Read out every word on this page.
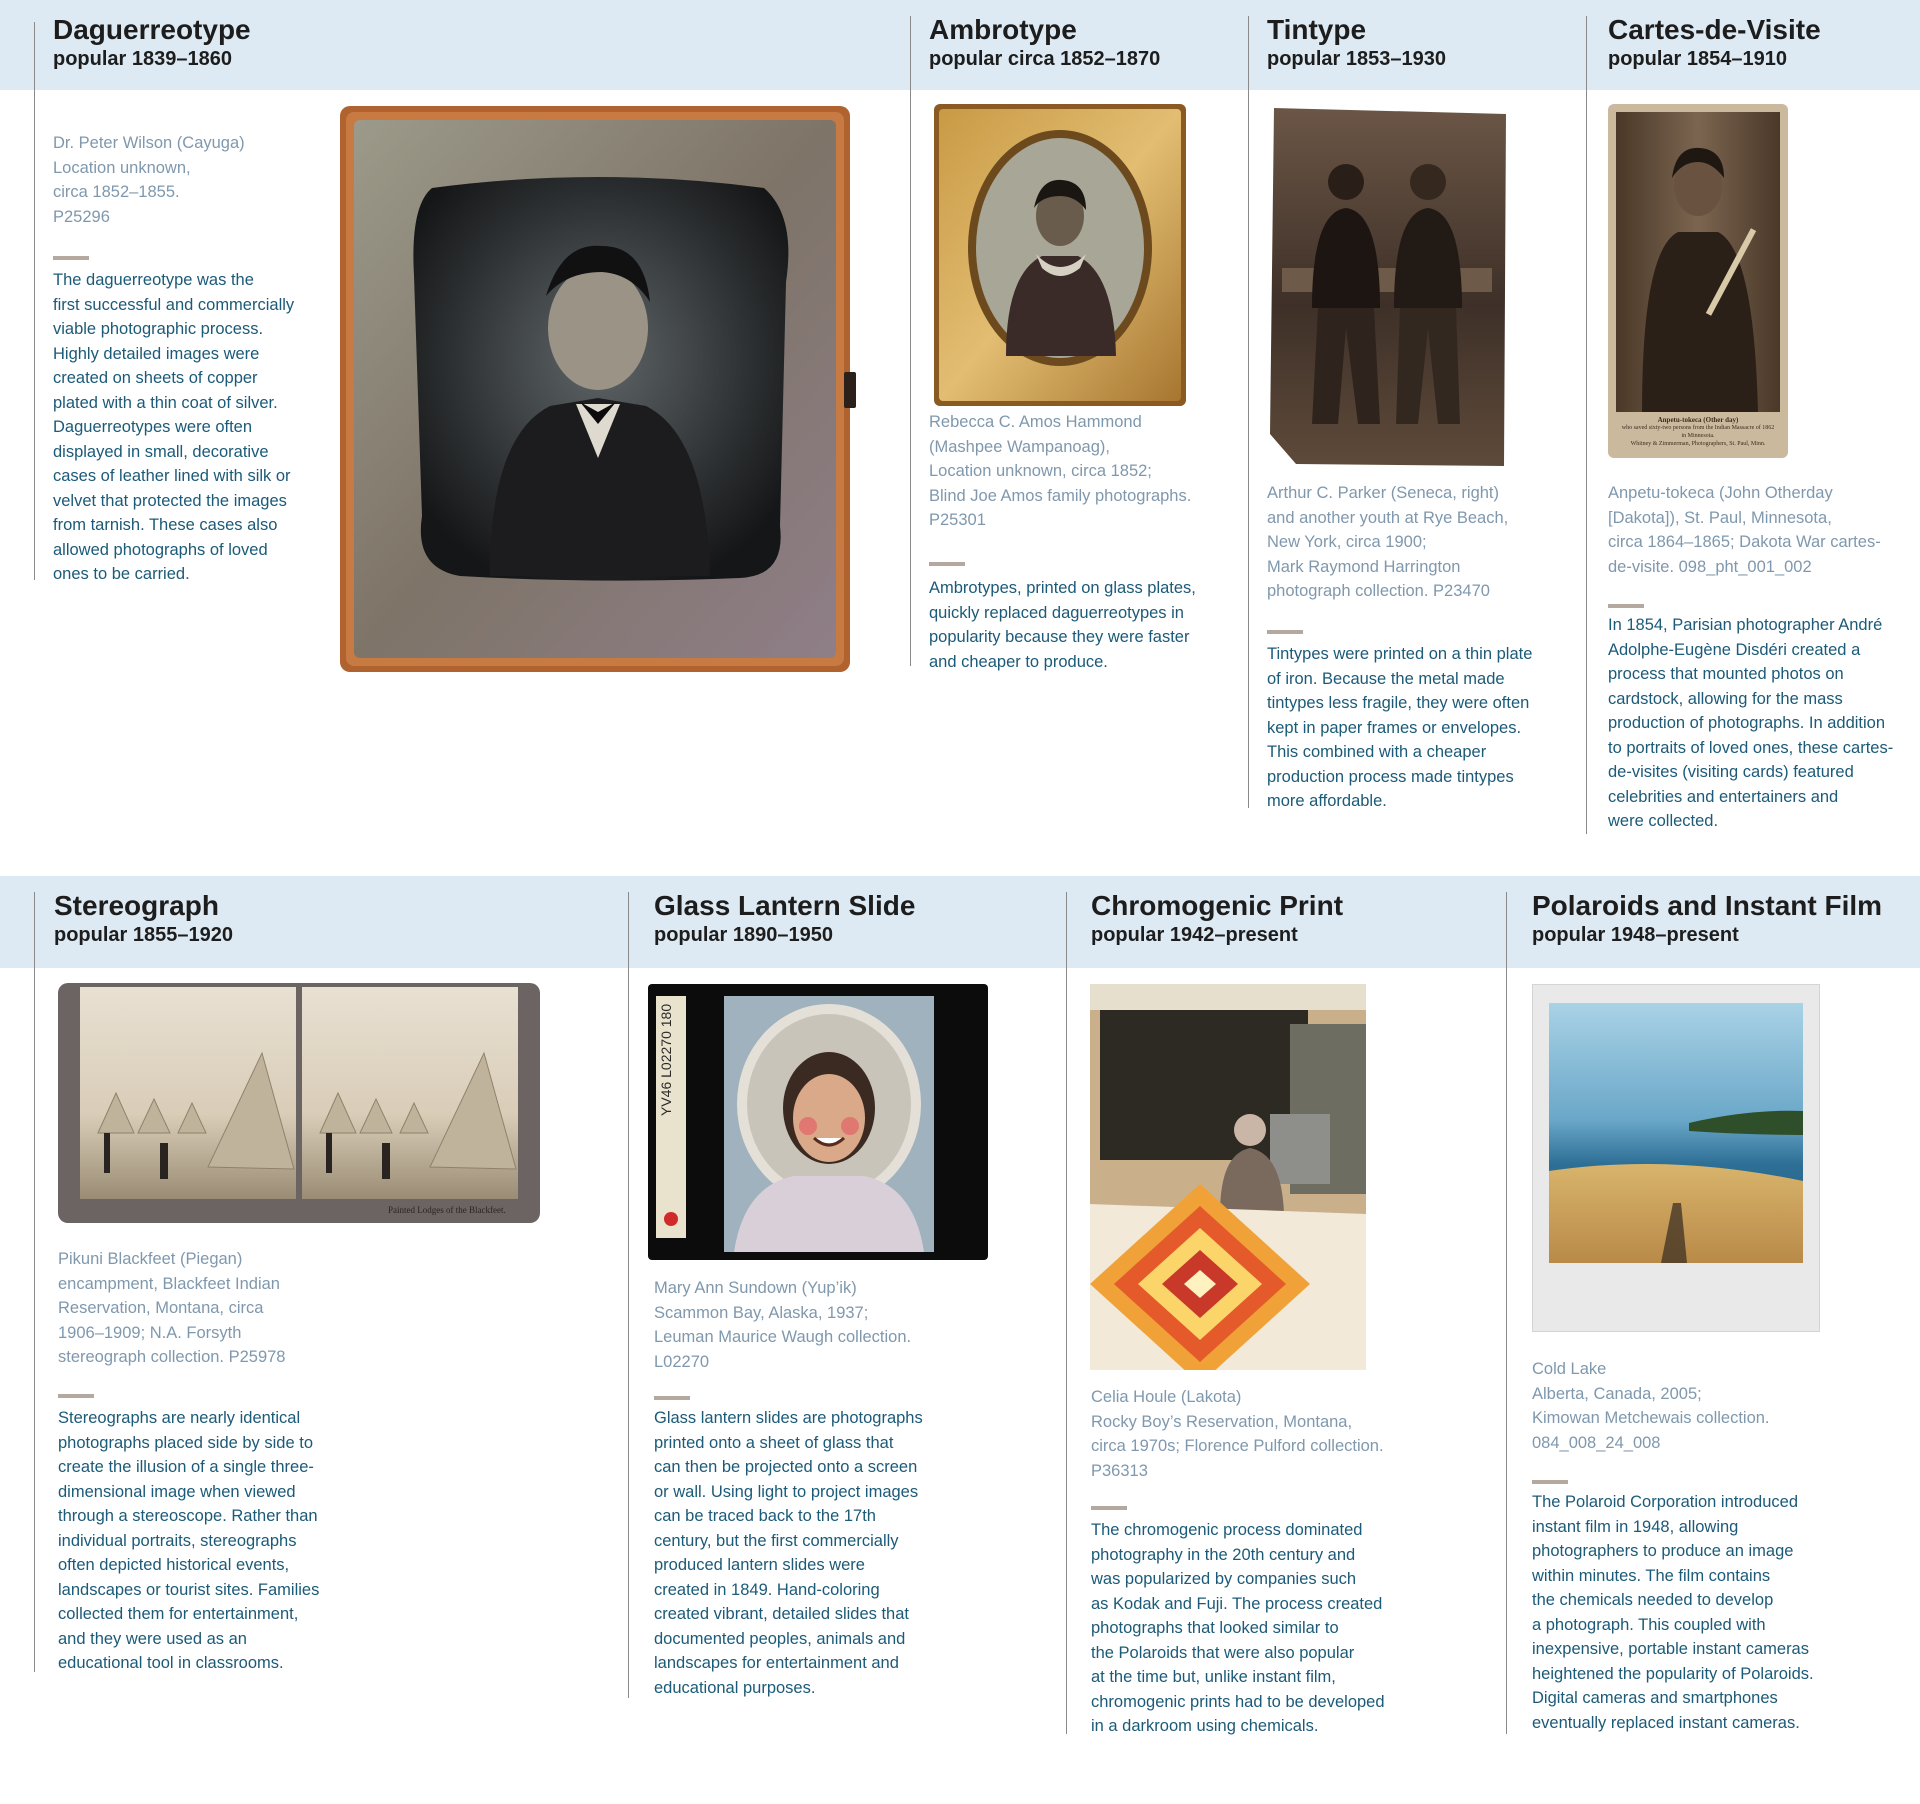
Daguerreotype
popular 1839–1860
Dr. Peter Wilson (Cayuga)
Location unknown,
circa 1852–1855.
P25296
The daguerreotype was the
first successful and commercially
viable photographic process.
Highly detailed images were
created on sheets of copper
plated with a thin coat of silver.
Daguerreotypes were often
displayed in small, decorative
cases of leather lined with silk or
velvet that protected the images
from tarnish. These cases also
allowed photographs of loved
ones to be carried.
Ambrotype
popular circa 1852–1870
Rebecca C. Amos Hammond
(Mashpee Wampanoag),
Location unknown, circa 1852;
Blind Joe Amos family photographs.
P25301
Ambrotypes, printed on glass plates,
quickly replaced daguerreotypes in
popularity because they were faster
and cheaper to produce.
Tintype
popular 1853–1930
Arthur C. Parker (Seneca, right)
and another youth at Rye Beach,
New York, circa 1900;
Mark Raymond Harrington
photograph collection. P23470
Tintypes were printed on a thin plate
of iron. Because the metal made
tintypes less fragile, they were often
kept in paper frames or envelopes.
This combined with a cheaper
production process made tintypes
more affordable.
Cartes-de-Visite
popular 1854–1910
Anpetu-tokeca (Other day)
who saved sixty-two persons from the Indian Massacre of 1862
in Minnesota.
Whitney & Zimmerman, Photographers, St. Paul, Minn.
Anpetu-tokeca (John Otherday
[Dakota]), St. Paul, Minnesota,
circa 1864–1865; Dakota War cartes-
de-visite. 098_pht_001_002
In 1854, Parisian photographer André
Adolphe-Eugène Disdéri created a
process that mounted photos on
cardstock, allowing for the mass
production of photographs. In addition
to portraits of loved ones, these cartes-
de-visites (visiting cards) featured
celebrities and entertainers and
were collected.
Stereograph
popular 1855–1920
Painted Lodges of the Blackfeet.
Pikuni Blackfeet (Piegan)
encampment, Blackfeet Indian
Reservation, Montana, circa
1906–1909; N.A. Forsyth
stereograph collection. P25978
Stereographs are nearly identical
photographs placed side by side to
create the illusion of a single three-
dimensional image when viewed
through a stereoscope. Rather than
individual portraits, stereographs
often depicted historical events,
landscapes or tourist sites. Families
collected them for entertainment,
and they were used as an
educational tool in classrooms.
Glass Lantern Slide
popular 1890–1950
YV46 L02270 180
Mary Ann Sundown (Yup’ik)
Scammon Bay, Alaska, 1937;
Leuman Maurice Waugh collection.
L02270
Glass lantern slides are photographs
printed onto a sheet of glass that
can then be projected onto a screen
or wall. Using light to project images
can be traced back to the 17th
century, but the first commercially
produced lantern slides were
created in 1849. Hand-coloring
created vibrant, detailed slides that
documented peoples, animals and
landscapes for entertainment and
educational purposes.
Chromogenic Print
popular 1942–present
Celia Houle (Lakota)
Rocky Boy’s Reservation, Montana,
circa 1970s; Florence Pulford collection.
P36313
The chromogenic process dominated
photography in the 20th century and
was popularized by companies such
as Kodak and Fuji. The process created
photographs that looked similar to
the Polaroids that were also popular
at the time but, unlike instant film,
chromogenic prints had to be developed
in a darkroom using chemicals.
Polaroids and Instant Film
popular 1948–present
Cold Lake
Alberta, Canada, 2005;
Kimowan Metchewais collection.
084_008_24_008
The Polaroid Corporation introduced
instant film in 1948, allowing
photographers to produce an image
within minutes. The film contains
the chemicals needed to develop
a photograph. This coupled with
inexpensive, portable instant cameras
heightened the popularity of Polaroids.
Digital cameras and smartphones
eventually replaced instant cameras.
